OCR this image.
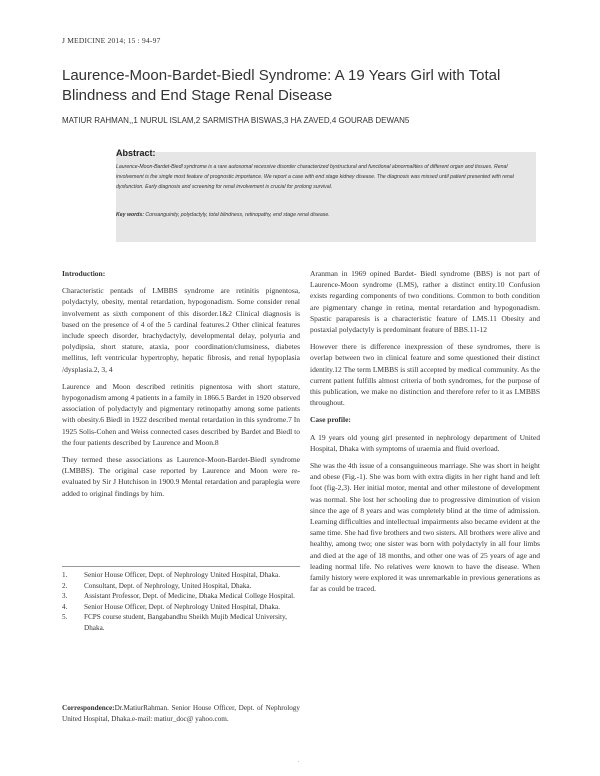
J MEDICINE 2014; 15 : 94-97
Laurence-Moon-Bardet-Biedl Syndrome: A 19 Years Girl with Total Blindness and End Stage Renal Disease
MATIUR RAHMAN,,1 NURUL ISLAM,2 SARMISTHA BISWAS,3 HA ZAVED,4 GOURAB DEWAN5
Abstract:
Laurence-Moon-Bardet-Biedl syndrome is a rare autosomal recessive disorder characterized bystructural and functional abnormalities of different organ and tissues. Renal involvement is the single most feature of prognostic importance. We report a case with end stage kidney disease. The diagnosis was missed until patient presented with renal dysfunction. Early diagnosis and screening for renal involvement is crucial for prolong survival.
Key words: Consanguinity, polydactyly, total blindness, retinopathy, end stage renal disease.

Introduction:

Characteristic pentads of LMBBS syndrome are retinitis pignentosa, polydactyly, obesity, mental retardation, hypogonadism. Some consider renal involvement as sixth component of this disorder.1&2 Clinical diagnosis is based on the presence of 4 of the 5 cardinal features.2 Other clinical features include speech disorder, brachydactyly, developmental delay, polyuria and polydipsia, short stature, ataxia, poor coordination/clumsiness, diabetes mellitus, left ventricular hypertrophy, hepatic fibrosis, and renal hypoplasia /dysplasia.2, 3, 4

Laurence and Moon described retinitis pignentosa with short stature, hypogonadism among 4 patients in a family in 1866.5 Bardet in 1920 observed association of polydactyly and pigmentary retinopathy among some patients with obesity.6 Biedl in 1922 described mental retardation in this syndrome.7 In 1925 Solis-Cohen and Weiss connected cases described by Bardet and Biedl to the four patients described by Laurence and Moon.8

They termed these associations as Laurence-Moon-Bardet-Biedl syndrome (LMBBS). The original case reported by Laurence and Moon were re-evaluated by Sir J Hutchison in 1900.9 Mental retardation and paraplegia were added to original findings by him.

1.	Senior House Officer, Dept. of Nephrology United Hospital, Dhaka.
2.	Consultant, Dept. of Nephrology, United Hospital, Dhaka.
3.	Assistant Professor, Dept. of Medicine, Dhaka Medical College Hospital.
4.	Senior House Officer, Dept. of Nephrology United Hospital, Dhaka.
5.	FCPS course student, Bangabandhu Sheikh Mujib Medical University, Dhaka.
Correspondence:Dr.MatiurRahman. Senior House Officer, Dept. of Nephrology United Hospital, Dhaka.e-mail: matiur_doc@ yahoo.com.

Aranman in 1969 opined Bardet- Biedl syndrome (BBS) is not part of Laurence-Moon syndrome (LMS), rather a distinct entity.10 Confusion exists regarding components of two conditions. Common to both condition are pigmentary change in retina, mental retardation and hypogonadism. Spastic paraparesis is a characteristic feature of LMS.11 Obesity and postaxial polydactyly is predominant feature of BBS.11-12

However there is difference inexpression of these syndromes, there is overlap between two in clinical feature and some questioned their distinct identity.12 The term LMBBS is still accepted by medical community. As the current patient fulfills almost criteria of both syndromes, for the purpose of this publication, we make no distinction and therefore refer to it as LMBBS throughout.

Case profile:

A 19 years old young girl presented in nephrology department of United Hospital, Dhaka with symptoms of uraemia and fluid overload.

She was the 4th issue of a consanguineous marriage. She was short in height and obese (Fig.-1). She was born with extra digits in her right hand and left foot (fig-2,3). Her initial motor, mental and other milestone of development was normal. She lost her schooling due to progressive diminution of vision since the age of 8 years and was completely blind at the time of admission. Learning difficulties and intellectual impairments also became evident at the same time. She had five brothers and two sisters. All brothers were alive and healthy, among two; one sister was born with polydactyly in all four limbs and died at the age of 18 months, and other one was of 25 years of age and leading normal life. No relatives were known to have the disease. When family history were explored it was unremarkable in previous generations as far as could be traced.

.
